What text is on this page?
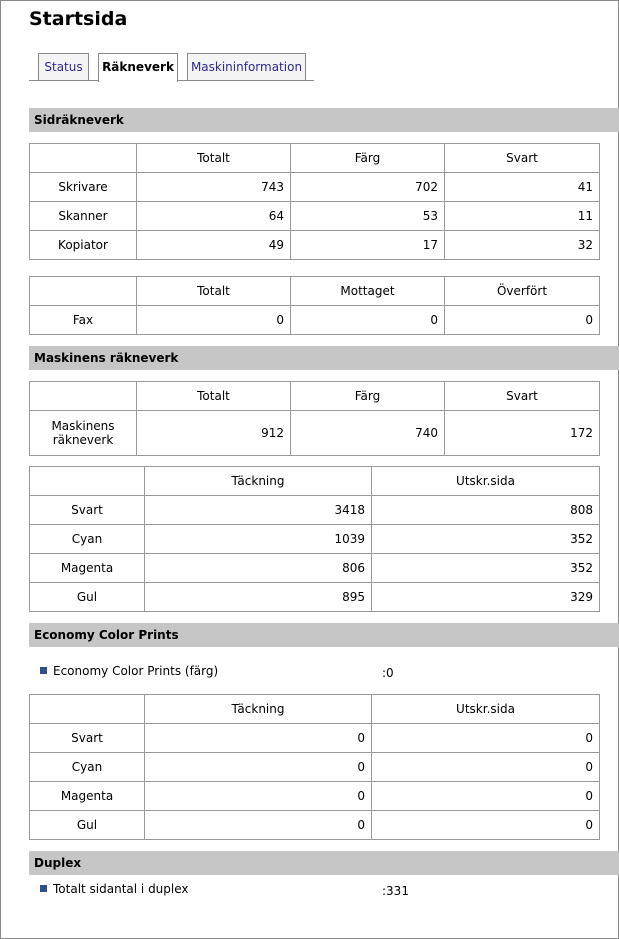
Startsida
Status	Räkneverk	Maskininformation
Sidräkneverk
	Totalt	Färg	Svart
Skrivare	743	702	41
Skanner	64	53	11
Kopiator	49	17	32
	Totalt	Mottaget	Överfört
Fax	0	0	0
Maskinens räkneverk
	Totalt	Färg	Svart
Maskinens räkneverk	912	740	172
	Täckning	Utskr.sida
Svart	3418	808
Cyan	1039	352
Magenta	806	352
Gul	895	329
Economy Color Prints
Economy Color Prints (färg)	:0
	Täckning	Utskr.sida
Svart	0	0
Cyan	0	0
Magenta	0	0
Gul	0	0
Duplex
Totalt sidantal i duplex	:331
